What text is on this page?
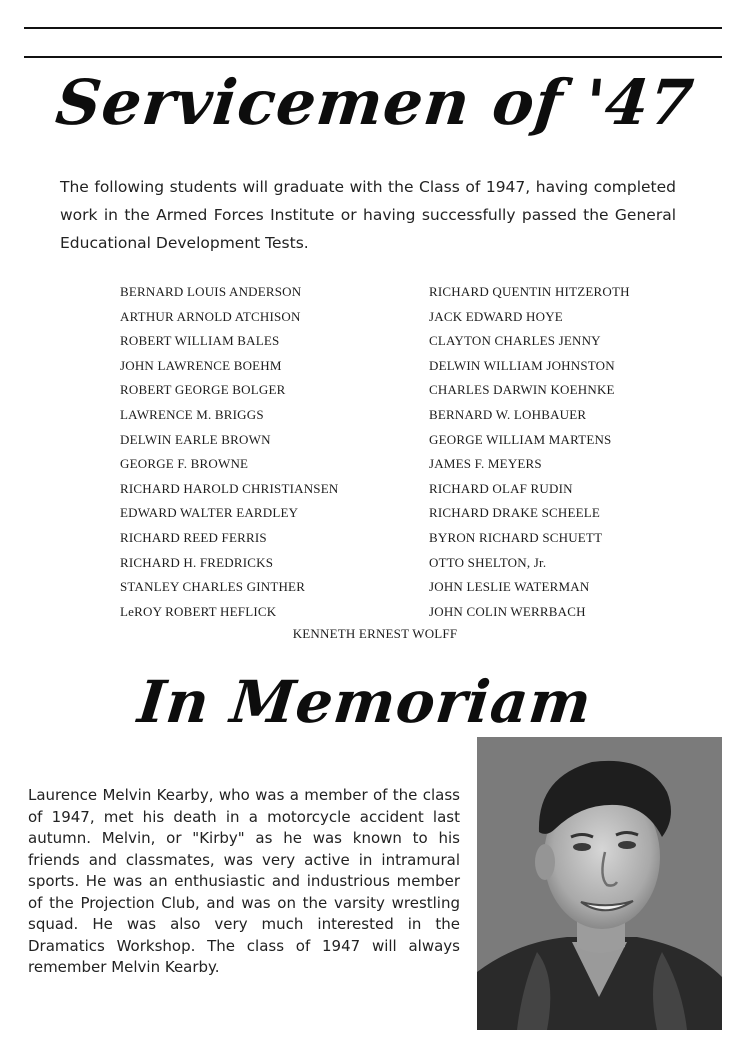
Servicemen of '47
The following students will graduate with the Class of 1947, having completed work in the Armed Forces Institute or having successfully passed the General Educational Development Tests.
BERNARD LOUIS ANDERSON
ARTHUR ARNOLD ATCHISON
ROBERT WILLIAM BALES
JOHN LAWRENCE BOEHM
ROBERT GEORGE BOLGER
LAWRENCE M. BRIGGS
DELWIN EARLE BROWN
GEORGE F. BROWNE
RICHARD HAROLD CHRISTIANSEN
EDWARD WALTER EARDLEY
RICHARD REED FERRIS
RICHARD H. FREDRICKS
STANLEY CHARLES GINTHER
LeROY ROBERT HEFLICK
RICHARD QUENTIN HITZEROTH
JACK EDWARD HOYE
CLAYTON CHARLES JENNY
DELWIN WILLIAM JOHNSTON
CHARLES DARWIN KOEHNKE
BERNARD W. LOHBAUER
GEORGE WILLIAM MARTENS
JAMES F. MEYERS
RICHARD OLAF RUDIN
RICHARD DRAKE SCHEELE
BYRON RICHARD SCHUETT
OTTO SHELTON, Jr.
JOHN LESLIE WATERMAN
JOHN COLIN WERRBACH
KENNETH ERNEST WOLFF
In Memoriam
Laurence Melvin Kearby, who was a member of the class of 1947, met his death in a motorcycle accident last autumn. Melvin, or "Kirby" as he was known to his friends and classmates, was very active in intramural sports. He was an enthusiastic and industrious member of the Projection Club, and was on the varsity wrestling squad. He was also very much interested in the Dramatics Workshop. The class of 1947 will always remember Melvin Kearby.
